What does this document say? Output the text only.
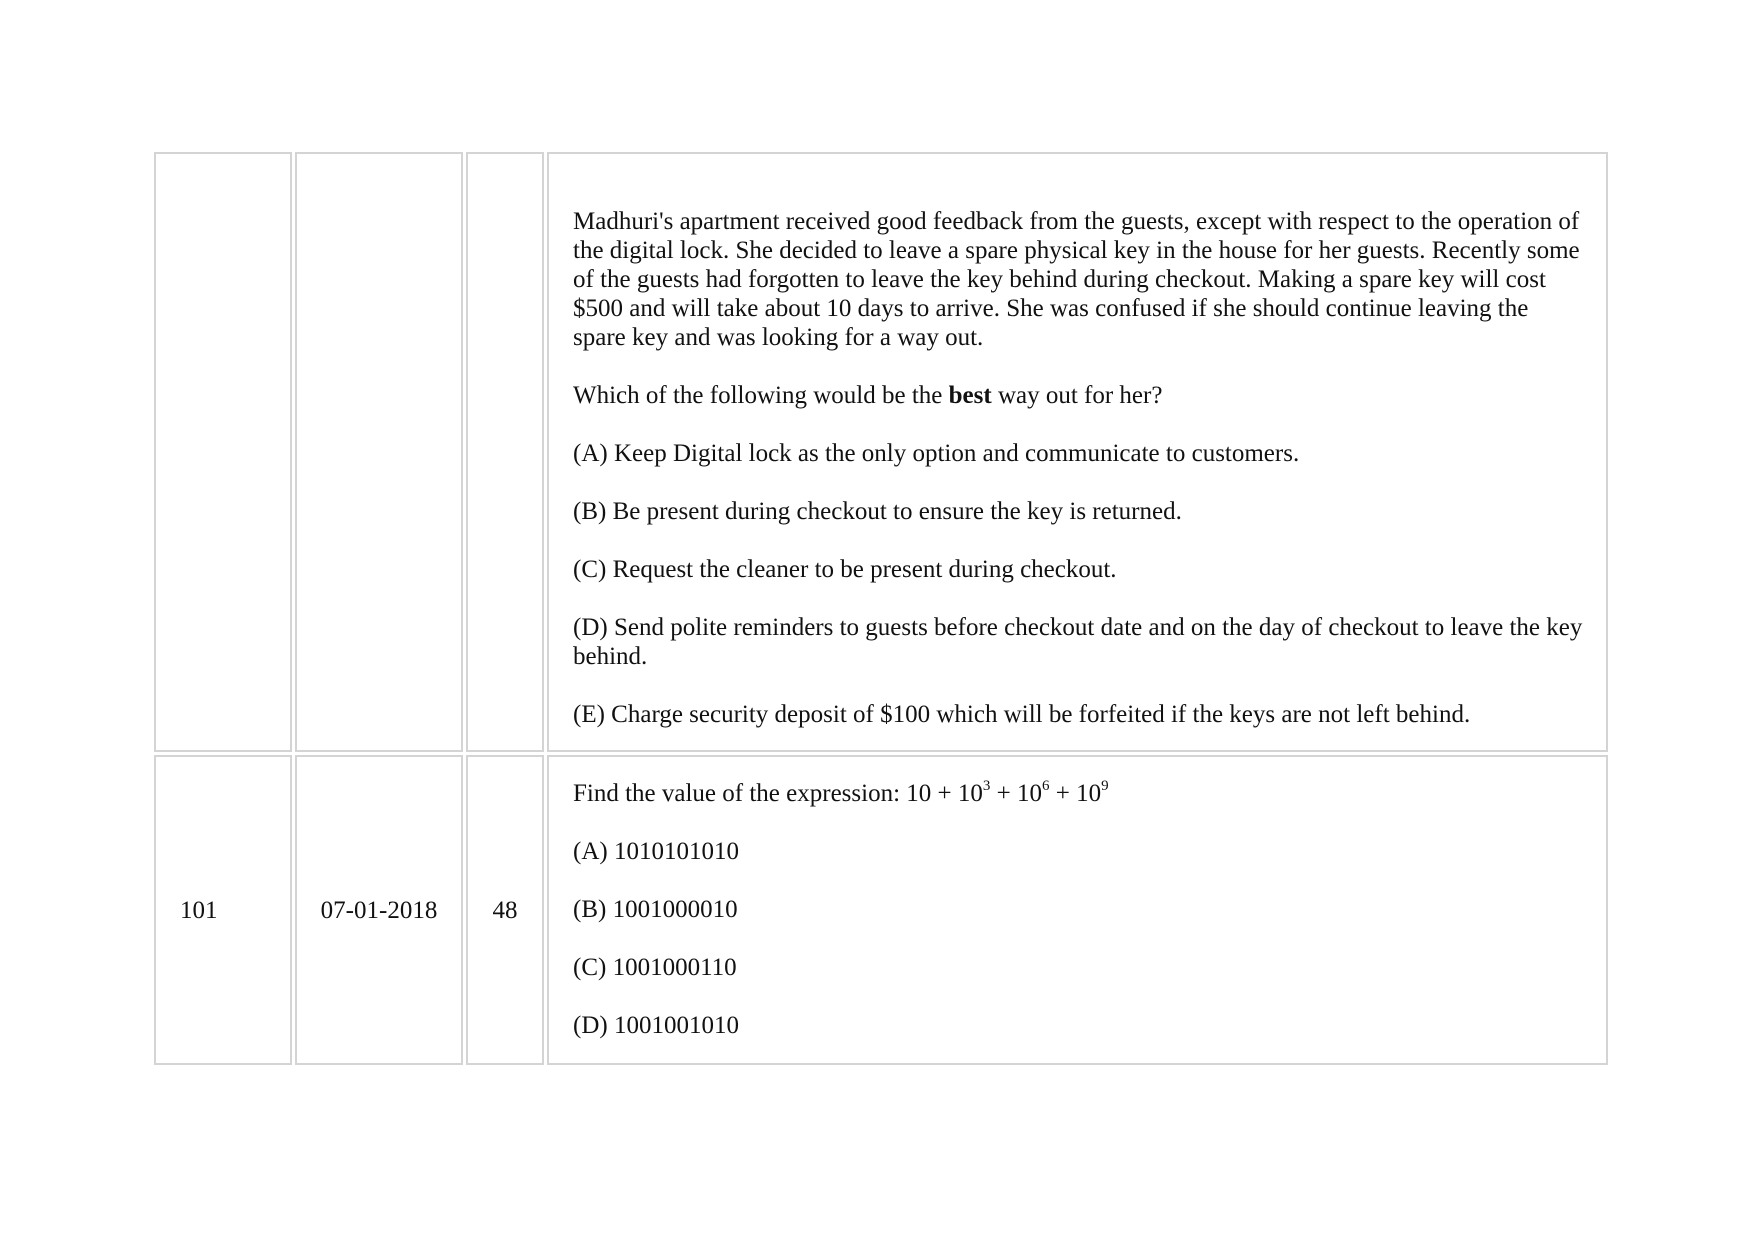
Madhuri's apartment received good feedback from the guests, except with respect to the operation of the digital lock. She decided to leave a spare physical key in the house for her guests. Recently some of the guests had forgotten to leave the key behind during checkout. Making a spare key will cost $500 and will take about 10 days to arrive. She was confused if she should continue leaving the spare key and was looking for a way out.

Which of the following would be the best way out for her?

(A) Keep Digital lock as the only option and communicate to customers.

(B) Be present during checkout to ensure the key is returned.

(C) Request the cleaner to be present during checkout.

(D) Send polite reminders to guests before checkout date and on the day of checkout to leave the key behind.

(E) Charge security deposit of $100 which will be forfeited if the keys are not left behind.

101	07-01-2018 48

Find the value of the expression: $10 + 10^3 + 10^6 + 10^9$

(A) 1010101010

(B) 1001000010

(C) 1001000110

(D) 1001001010
